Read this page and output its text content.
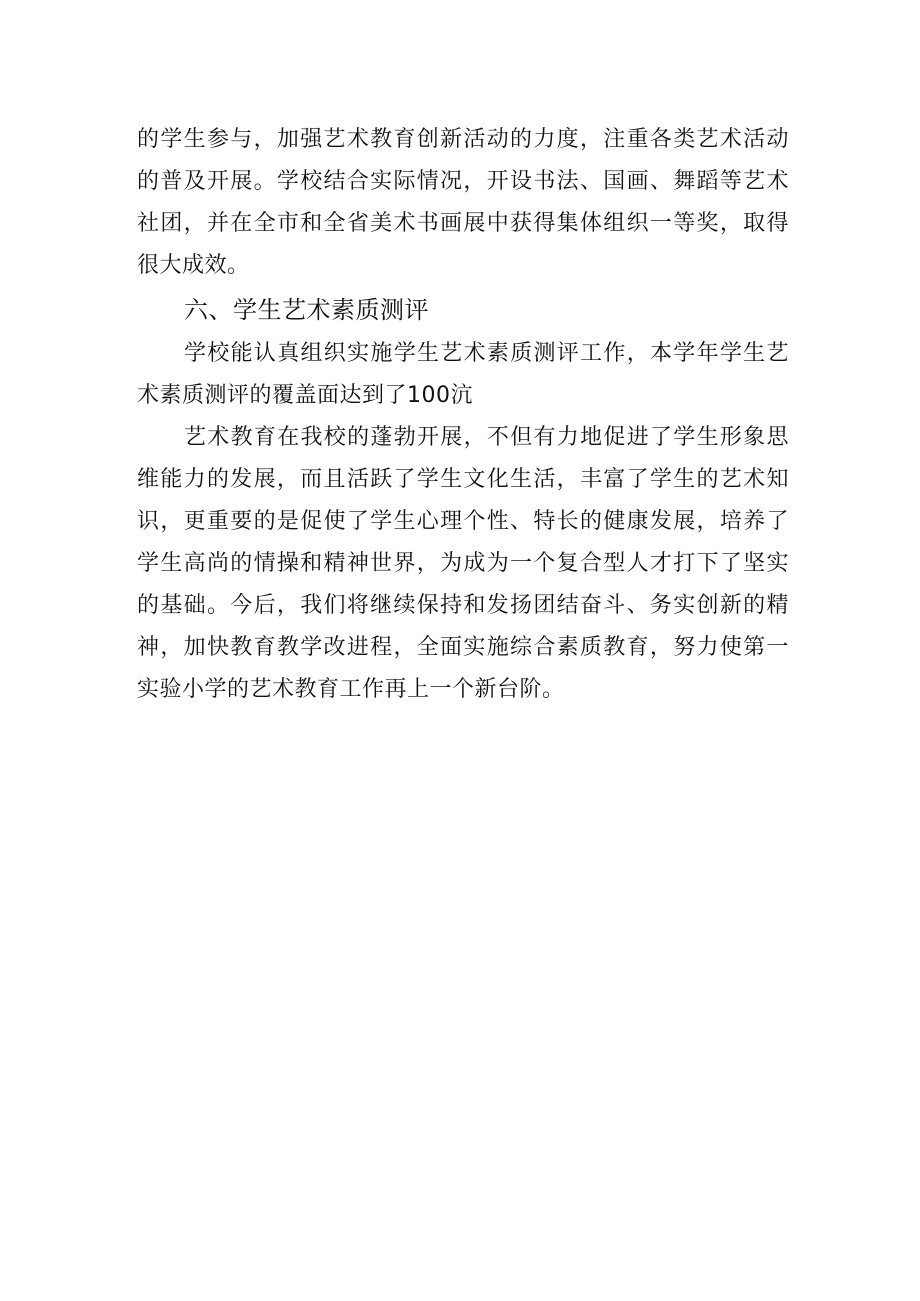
的学生参与，加强艺术教育创新活动的力度，注重各类艺术活动
的普及开展。学校结合实际情况，开设书法、国画、舞蹈等艺术
社团，并在全市和全省美术书画展中获得集体组织一等奖，取得
很大成效。
六、学生艺术素质测评
学校能认真组织实施学生艺术素质测评工作，本学年学生艺
术素质测评的覆盖面达到了100沆
艺术教育在我校的蓬勃开展，不但有力地促进了学生形象思
维能力的发展，而且活跃了学生文化生活，丰富了学生的艺术知
识，更重要的是促使了学生心理个性、特长的健康发展，培养了
学生高尚的情操和精神世界，为成为一个复合型人才打下了坚实
的基础。今后，我们将继续保持和发扬团结奋斗、务实创新的精
神，加快教育教学改进程，全面实施综合素质教育，努力使第一
实验小学的艺术教育工作再上一个新台阶。
